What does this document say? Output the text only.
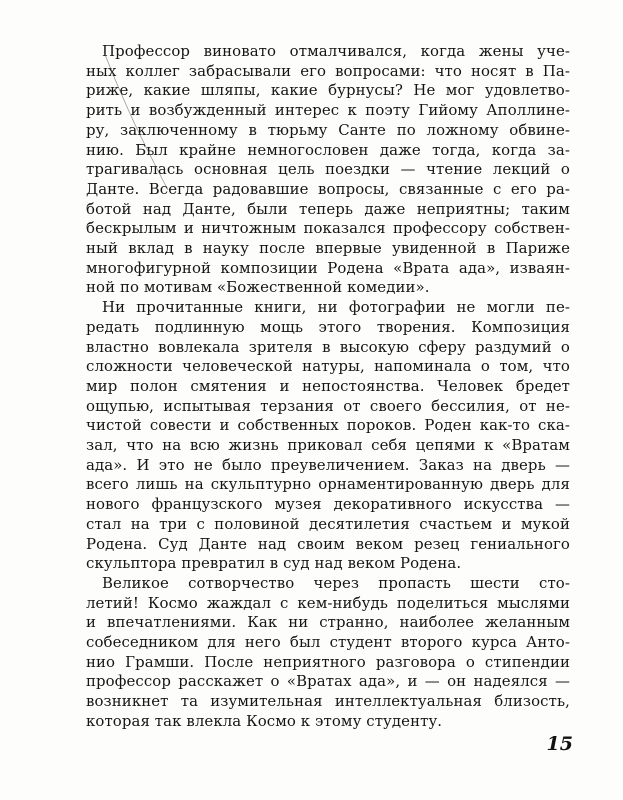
Профессор виновато отмалчивался, когда жены уче-
ных коллег забрасывали его вопросами: что носят в Па-
риже, какие шляпы, какие бурнусы? Не мог удовлетво-
рить и возбужденный интерес к поэту Гийому Аполлине-
ру, заключенному в тюрьму Санте по ложному обвине-
нию. Был крайне немногословен даже тогда, когда за-
трагивалась основная цель поездки — чтение лекций о
Данте. Всегда радовавшие вопросы, связанные с его ра-
ботой над Данте, были теперь даже неприятны; таким
бескрылым и ничтожным показался профессору собствен-
ный вклад в науку после впервые увиденной в Париже
многофигурной композиции Родена «Врата ада», изваян-
ной по мотивам «Божественной комедии».
Ни прочитанные книги, ни фотографии не могли пе-
редать подлинную мощь этого творения. Композиция
властно вовлекала зрителя в высокую сферу раздумий о
сложности человеческой натуры, напоминала о том, что
мир полон смятения и непостоянства. Человек бредет
ощупью, испытывая терзания от своего бессилия, от не-
чистой совести и собственных пороков. Роден как-то ска-
зал, что на всю жизнь приковал себя цепями к «Вратам
ада». И это не было преувеличением. Заказ на дверь —
всего лишь на скульптурно орнаментированную дверь для
нового французского музея декоративного искусства —
стал на три с половиной десятилетия счастьем и мукой
Родена. Суд Данте над своим веком резец гениального
скульптора превратил в суд над веком Родена.
Великое сотворчество через пропасть шести сто-
летий! Космо жаждал с кем-нибудь поделиться мыслями
и впечатлениями. Как ни странно, наиболее желанным
собеседником для него был студент второго курса Анто-
нио Грамши. После неприятного разговора о стипендии
профессор расскажет о «Вратах ада», и — он надеялся —
возникнет та изумительная интеллектуальная близость,
которая так влекла Космо к этому студенту.
15
